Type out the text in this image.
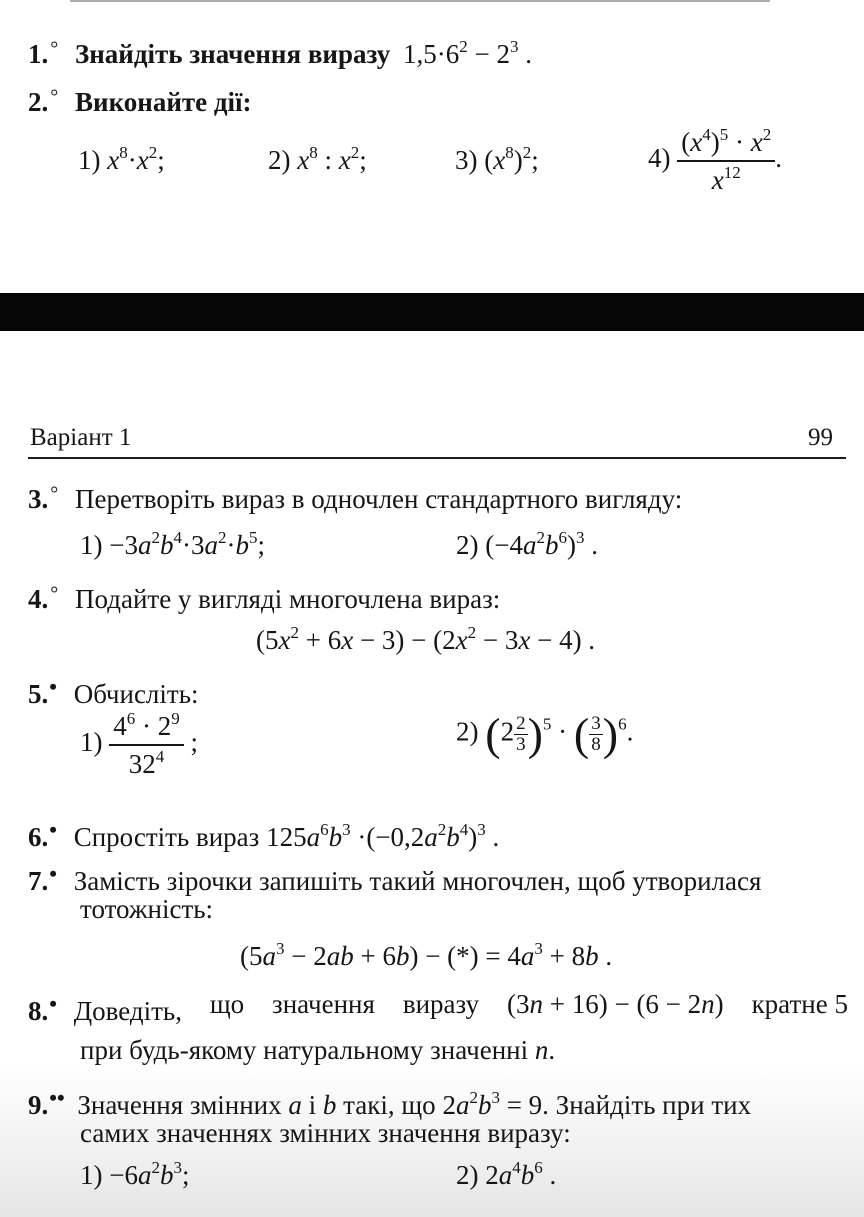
1. ° Знайдіть значення виразу $1,5\cdot 6^2 - 2^3$ .
2. ° Виконайте дії:
1) $x^8\cdot x^2$;	2) $x^8$ : $x^2$;	3) $(x^8)^2$;	$4) \frac{(x^4)^5 \cdot x^2}{x^{12}}$ .
Варіант 1	99
3. ° Перетворіть вираз в одночлен стандартного вигляду:
$1) -3a^2b^4\cdot 3a^2\cdot b^5$;	2) $(-4a^2b^6)^3$ .
4. ° Подайте у вигляді многочлена вираз:
$(5x^2 + 6x - 3) - (2x^2 - 3x - 4)$ .
5.• Обчисліть:
$1) \frac{4^6 \cdot 2^9}{32^4}$ ;	2) $(2 \frac{2}{3} )^5$ · ( $\frac{3}{8} )^6$.
6.• Спростіть вираз $125a^6b^3 \cdot(-0,2a^2b^4)^3$ .
7.• Замість зірочки запишіть такий многочлен, щоб утворилася
тотожність:
$(5a^3 - 2ab + 6b)$ − (*) = $4a^3 + 8b$ .
8.• Доведіть, що значення виразу (3n + 16) − (6 − 2n) кратне 5
при будь-якому натуральному значенні n.
9.•• Значення змінних a і b такі, що $2a^2b^3 = 9$. Знайдіть при тих
самих значеннях змінних значення виразу:
$1) -6a^2b^3$;	2) $2a^4b^6$ .
